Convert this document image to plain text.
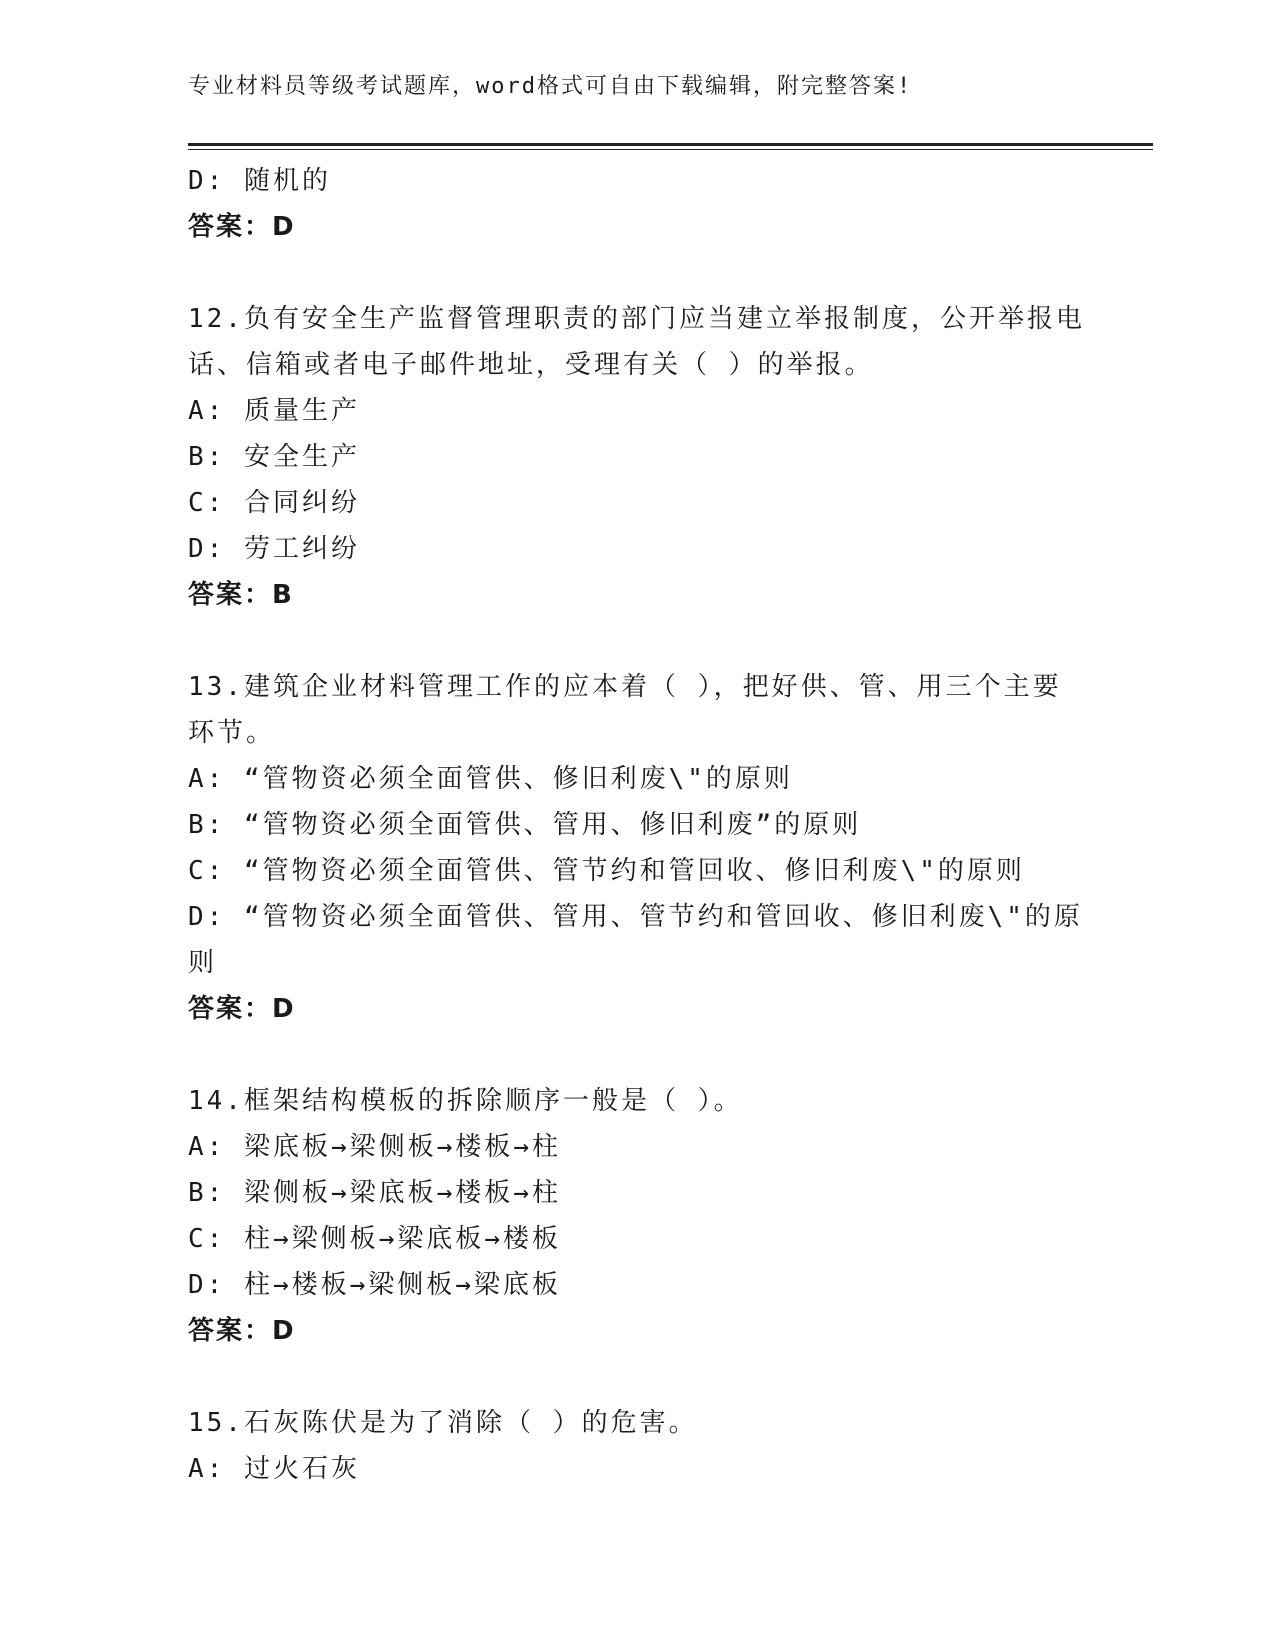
专业材料员等级考试题库，word格式可自由下载编辑，附完整答案!
D: 随机的
答案：D
12.负有安全生产监督管理职责的部门应当建立举报制度，公开举报电
话、信箱或者电子邮件地址，受理有关（ ）的举报。
A: 质量生产
B: 安全生产
C: 合同纠纷
D: 劳工纠纷
答案：B
13.建筑企业材料管理工作的应本着（ ），把好供、管、用三个主要
环节。
A: “管物资必须全面管供、修旧利废\"的原则
B: “管物资必须全面管供、管用、修旧利废”的原则
C: “管物资必须全面管供、管节约和管回收、修旧利废\"的原则
D: “管物资必须全面管供、管用、管节约和管回收、修旧利废\"的原
则
答案：D
14.框架结构模板的拆除顺序一般是（ ）。
A: 梁底板→梁侧板→楼板→柱
B: 梁侧板→梁底板→楼板→柱
C: 柱→梁侧板→梁底板→楼板
D: 柱→楼板→梁侧板→梁底板
答案：D
15.石灰陈伏是为了消除（ ）的危害。
A: 过火石灰
